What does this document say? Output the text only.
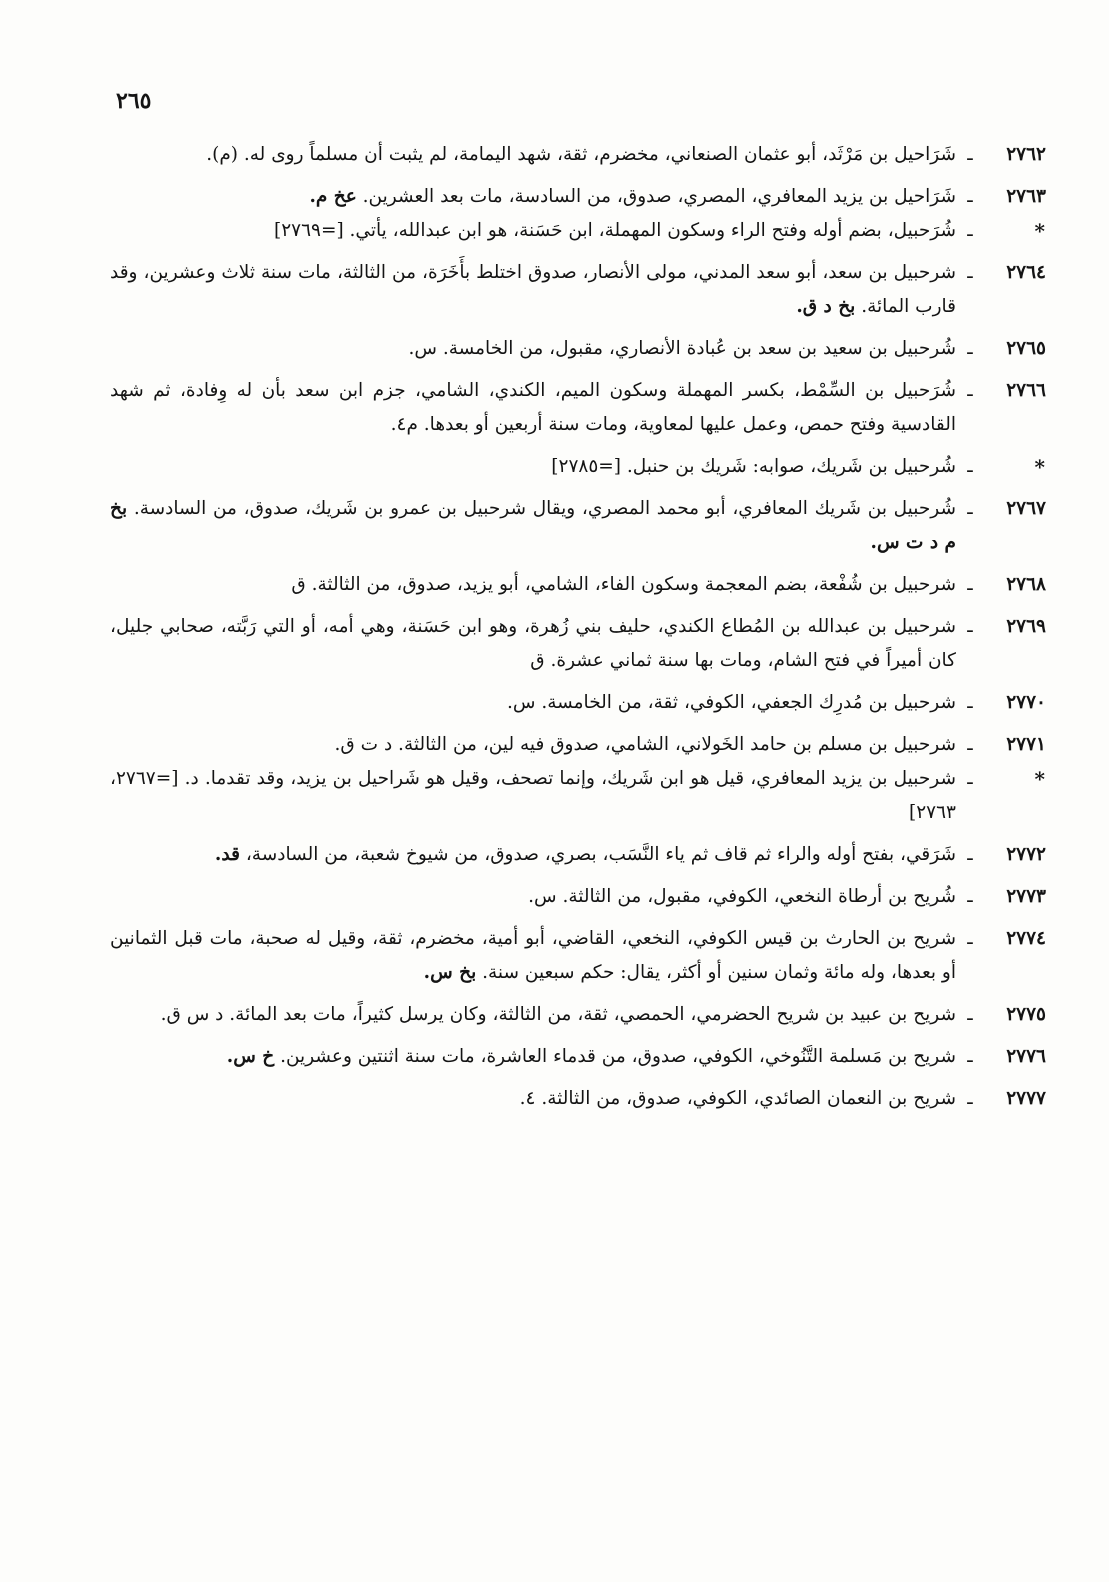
٢٦٥
٢٧٦٢
ـ
شَرَاحيل بن مَرْثَد، أبو عثمان الصنعاني، مخضرم، ثقة، شهد اليمامة، لم يثبت أن مسلماً روى له. (م).
٢٧٦٣
ـ
شَرَاحيل بن يزيد المعافري، المصري، صدوق، من السادسة، مات بعد العشرين. عخ م.
*
ـ
شُرَحبيل، بضم أوله وفتح الراء وسكون المهملة، ابن حَسَنة، هو ابن عبدالله، يأتي. [=٢٧٦٩]
٢٧٦٤
ـ
شرحبيل بن سعد، أبو سعد المدني، مولى الأنصار، صدوق اختلط بأَخَرَة، من الثالثة، مات سنة ثلاث وعشرين، وقد قارب المائة. بخ د ق.
٢٧٦٥
ـ
شُرحبيل بن سعيد بن سعد بن عُبادة الأنصاري، مقبول، من الخامسة. س.
٢٧٦٦
ـ
شُرَحبيل بن السِّمْط، بكسر المهملة وسكون الميم، الكندي، الشامي، جزم ابن سعد بأن له وِفادة، ثم شهد القادسية وفتح حمص، وعمل عليها لمعاوية، ومات سنة أربعين أو بعدها. م٤.
*
ـ
شُرحبيل بن شَريك، صوابه: شَريك بن حنبل. [=٢٧٨٥]
٢٧٦٧
ـ
شُرحبيل بن شَريك المعافري، أبو محمد المصري، ويقال شرحبيل بن عمرو بن شَريك، صدوق، من السادسة. بخ م د ت س.
٢٧٦٨
ـ
شرحبيل بن شُفْعة، بضم المعجمة وسكون الفاء، الشامي، أبو يزيد، صدوق، من الثالثة. ق
٢٧٦٩
ـ
شرحبيل بن عبدالله بن المُطاع الكندي، حليف بني زُهرة، وهو ابن حَسَنة، وهي أمه، أو التي رَبَّته، صحابي جليل، كان أميراً في فتح الشام، ومات بها سنة ثماني عشرة. ق
٢٧٧٠
ـ
شرحبيل بن مُدرِك الجعفي، الكوفي، ثقة، من الخامسة. س.
٢٧٧١
ـ
شرحبيل بن مسلم بن حامد الخَولاني، الشامي، صدوق فيه لين، من الثالثة. د ت ق.
*
ـ
شرحبيل بن يزيد المعافري، قيل هو ابن شَريك، وإنما تصحف، وقيل هو شَراحيل بن يزيد، وقد تقدما. د. [=٢٧٦٧، ٢٧٦٣]
٢٧٧٢
ـ
شَرَقي، بفتح أوله والراء ثم قاف ثم ياء النَّسَب، بصري، صدوق، من شيوخ شعبة، من السادسة، قد.
٢٧٧٣
ـ
شُريح بن أرطاة النخعي، الكوفي، مقبول، من الثالثة. س.
٢٧٧٤
ـ
شريح بن الحارث بن قيس الكوفي، النخعي، القاضي، أبو أمية، مخضرم، ثقة، وقيل له صحبة، مات قبل الثمانين أو بعدها، وله مائة وثمان سنين أو أكثر، يقال: حكم سبعين سنة. بخ س.
٢٧٧٥
ـ
شريح بن عبيد بن شريح الحضرمي، الحمصي، ثقة، من الثالثة، وكان يرسل كثيراً، مات بعد المائة. د س ق.
٢٧٧٦
ـ
شريح بن مَسلمة التَّنُوخي، الكوفي، صدوق، من قدماء العاشرة، مات سنة اثنتين وعشرين. خ س.
٢٧٧٧
ـ
شريح بن النعمان الصائدي، الكوفي، صدوق، من الثالثة. ٤.
